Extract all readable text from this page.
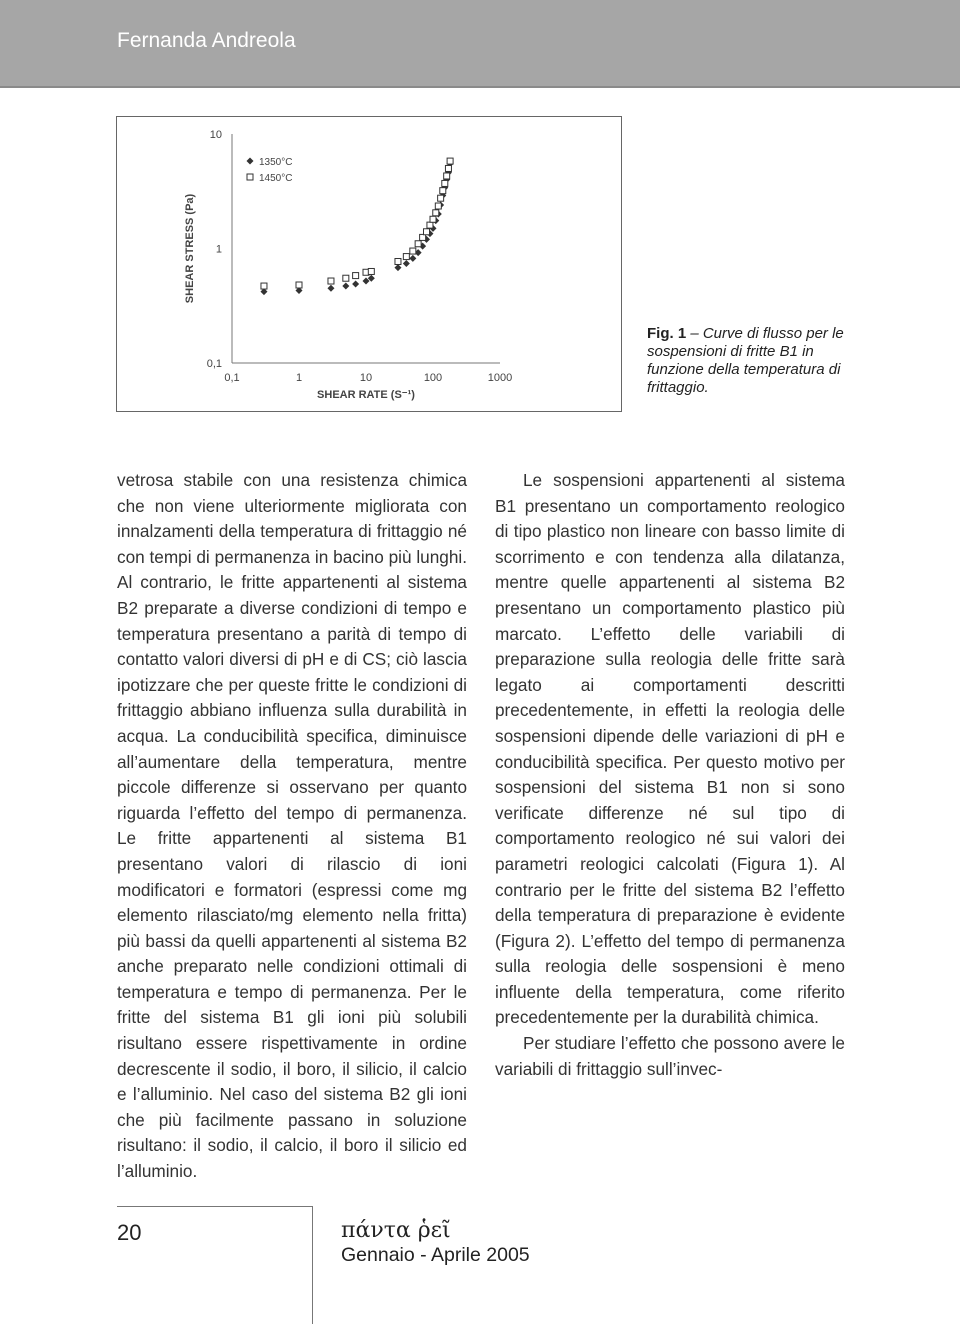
Fernanda Andreola
0,1	1	10	100	1000
0,1
1
10
SHEAR RATE (S⁻¹)
SHEAR STRESS (Pa)
1350°C
1450°C
Fig. 1 – Curve di flusso per le sospensioni di fritte B1 in funzione della temperatura di frittaggio.

vetrosa stabile con una resistenza chimica che non viene ulteriormente migliorata con innalzamenti della temperatura di frittaggio né con tempi di permanenza in bacino più lunghi. Al contrario, le fritte appartenenti al sistema B2 preparate a diverse condizioni di tempo e temperatura presentano a parità di tempo di contatto valori diversi di pH e di CS; ciò lascia ipotizzare che per queste fritte le condizioni di frittaggio abbiano influenza sulla durabilità in acqua. La conducibilità specifica, diminuisce all’aumentare della temperatura, mentre piccole differenze si osservano per quanto riguarda l’effetto del tempo di permanenza. Le fritte appartenenti al sistema B1 presentano valori di rilascio di ioni modificatori e formatori (espressi come mg elemento rilasciato/mg elemento nella fritta) più bassi da quelli appartenenti al sistema B2 anche preparato nelle condizioni ottimali di temperatura e tempo di permanenza. Per le fritte del sistema B1 gli ioni più solubili risultano essere rispettivamente in ordine decrescente il sodio, il boro, il silicio, il calcio e l’alluminio. Nel caso del sistema B2 gli ioni che più facilmente passano in soluzione risultano: il sodio, il calcio, il boro il silicio ed l’alluminio.

Le sospensioni appartenenti al sistema B1 presentano un comportamento reologico di tipo plastico non lineare con basso limite di scorrimento e con tendenza alla dilatanza, mentre quelle appartenenti al sistema B2 presentano un comportamento plastico più marcato. L’effetto delle variabili di preparazione sulla reologia delle fritte sarà legato ai comportamenti descritti precedentemente, in effetti la reologia delle sospensioni dipende delle variazioni di pH e conducibilità specifica. Per questo motivo per sospensioni del sistema B1 non si sono verificate differenze né sul tipo di comportamento reologico né sui valori dei parametri reologici calcolati (Figura 1). Al contrario per le fritte del sistema B2 l’effetto della temperatura di preparazione è evidente (Figura 2). L’effetto del tempo di permanenza sulla reologia delle sospensioni è meno influente della temperatura, come riferito precedentemente per la durabilità chimica.

Per studiare l’effetto che possono avere le variabili di frittaggio sull’invec-

20	πάντα ῥεῖ
Gennaio - Aprile 2005
